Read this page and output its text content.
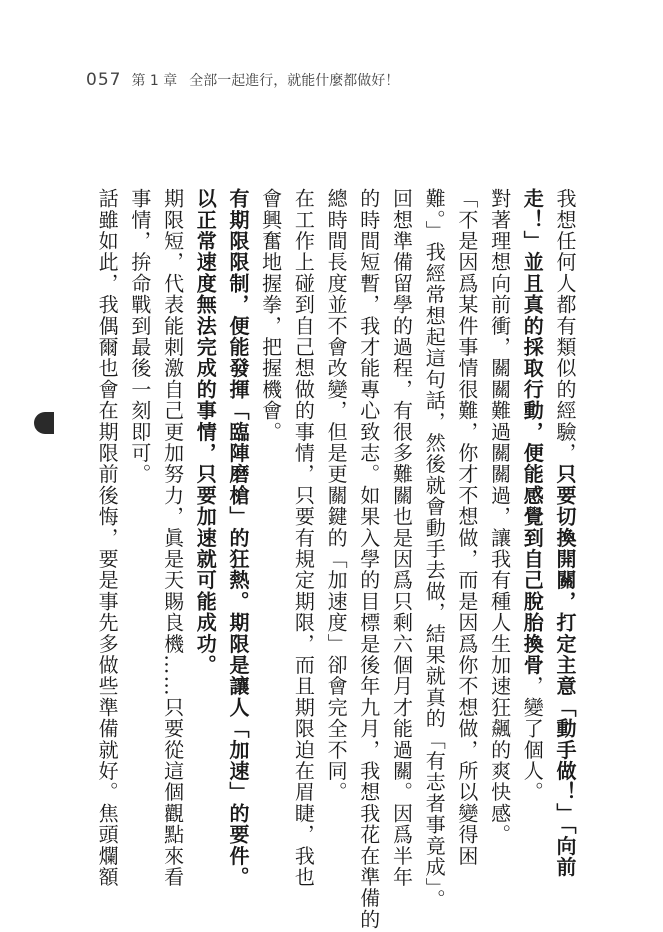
057 第 1 章 全部一起進行，就能什麼都做好！

我想任何人都有類似的經驗，只要切換開關，打定主意「動手做！」「向前

走！」並且真的採取行動，便能感覺到自己脫胎換骨，變了個人。

對著理想向前衝，關關難過關關過，讓我有種人生加速狂飆的爽快感。

「不是因爲某件事情很難，你才不想做，而是因爲你不想做，所以變得困

難。」我經常想起這句話，然後就會動手去做，結果就真的「有志者事竟成」。

回想準備留學的過程，有很多難關也是因爲只剩六個月才能過關。因爲半年

的時間短暫，我才能專心致志。如果入學的目標是後年九月，我想我花在準備的

總時間長度並不會改變，但是更關鍵的「加速度」卻會完全不同。

在工作上碰到自己想做的事情，只要有規定期限，而且期限迫在眉睫，我也

會興奮地握拳，把握機會。

有期限限制，便能發揮「臨陣磨槍」的狂熱。期限是讓人「加速」的要件。

以正常速度無法完成的事情，只要加速就可能成功。

期限短，代表能刺激自己更加努力，眞是天賜良機……只要從這個觀點來看

事情，拚命戰到最後一刻即可。

話雖如此，我偶爾也會在期限前後悔，要是事先多做些準備就好。焦頭爛額
